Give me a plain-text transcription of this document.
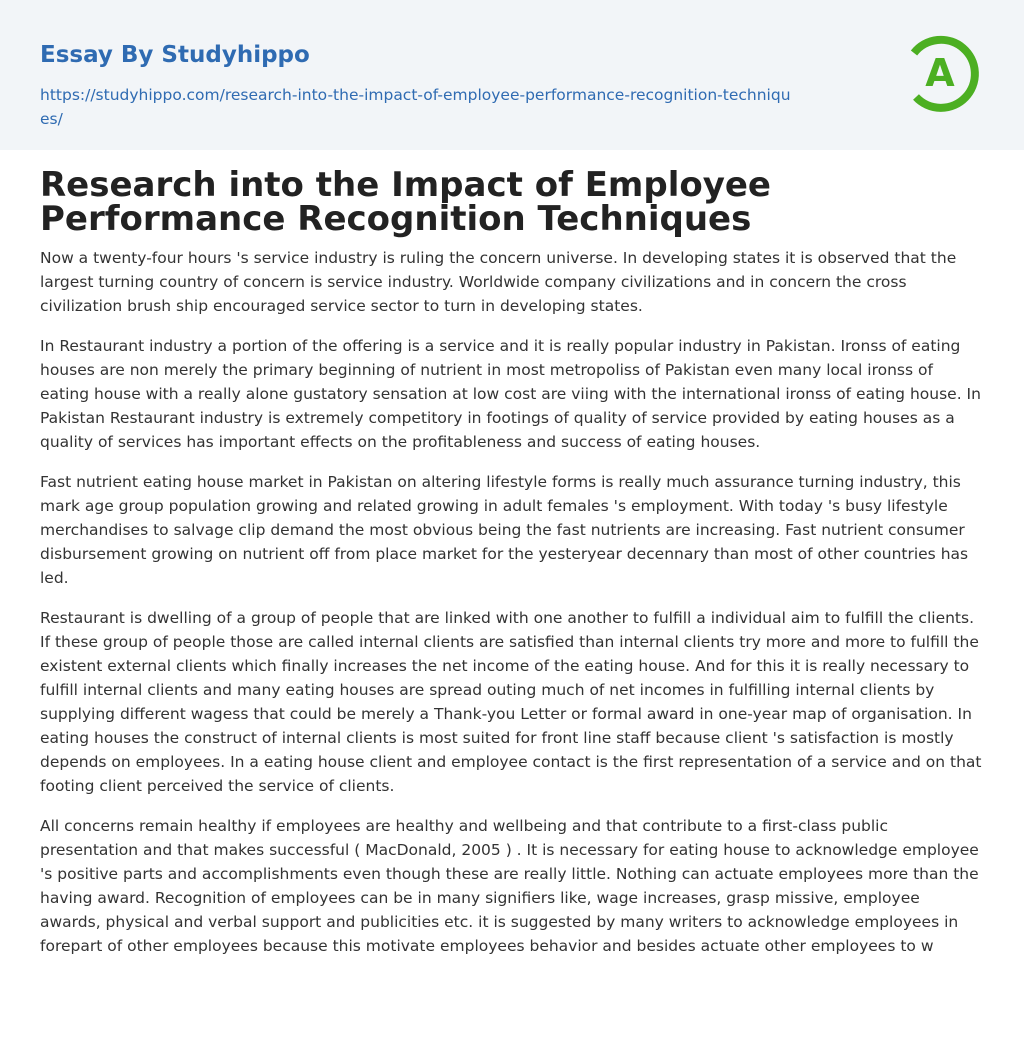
Essay By Studyhippo
https://studyhippo.com/research-into-the-impact-of-employee-performance-recognition-techniques/
A
Research into the Impact of Employee Performance Recognition Techniques

Now a twenty-four hours 's service industry is ruling the concern universe. In developing states it is observed that the largest turning country of concern is service industry. Worldwide company civilizations and in concern the cross civilization brush ship encouraged service sector to turn in developing states.

In Restaurant industry a portion of the offering is a service and it is really popular industry in Pakistan. Ironss of eating houses are non merely the primary beginning of nutrient in most metropoliss of Pakistan even many local ironss of eating house with a really alone gustatory sensation at low cost are viing with the international ironss of eating house. In Pakistan Restaurant industry is extremely competitory in footings of quality of service provided by eating houses as a quality of services has important effects on the profitableness and success of eating houses.

Fast nutrient eating house market in Pakistan on altering lifestyle forms is really much assurance turning industry, this mark age group population growing and related growing in adult females 's employment. With today 's busy lifestyle merchandises to salvage clip demand the most obvious being the fast nutrients are increasing. Fast nutrient consumer disbursement growing on nutrient off from place market for the yesteryear decennary than most of other countries has led.

Restaurant is dwelling of a group of people that are linked with one another to fulfill a individual aim to fulfill the clients. If these group of people those are called internal clients are satisfied than internal clients try more and more to fulfill the existent external clients which finally increases the net income of the eating house. And for this it is really necessary to fulfill internal clients and many eating houses are spread outing much of net incomes in fulfilling internal clients by supplying different wagess that could be merely a Thank-you Letter or formal award in one-year map of organisation. In eating houses the construct of internal clients is most suited for front line staff because client 's satisfaction is mostly depends on employees. In a eating house client and employee contact is the first representation of a service and on that footing client perceived the service of clients.

All concerns remain healthy if employees are healthy and wellbeing and that contribute to a first-class public presentation and that makes successful ( MacDonald, 2005 ) . It is necessary for eating house to acknowledge employee 's positive parts and accomplishments even though these are really little. Nothing can actuate employees more than the having award. Recognition of employees can be in many signifiers like, wage increases, grasp missive, employee awards, physical and verbal support and publicities etc. it is suggested by many writers to acknowledge employees in forepart of other employees because this motivate employees behavior and besides actuate other employees to w
